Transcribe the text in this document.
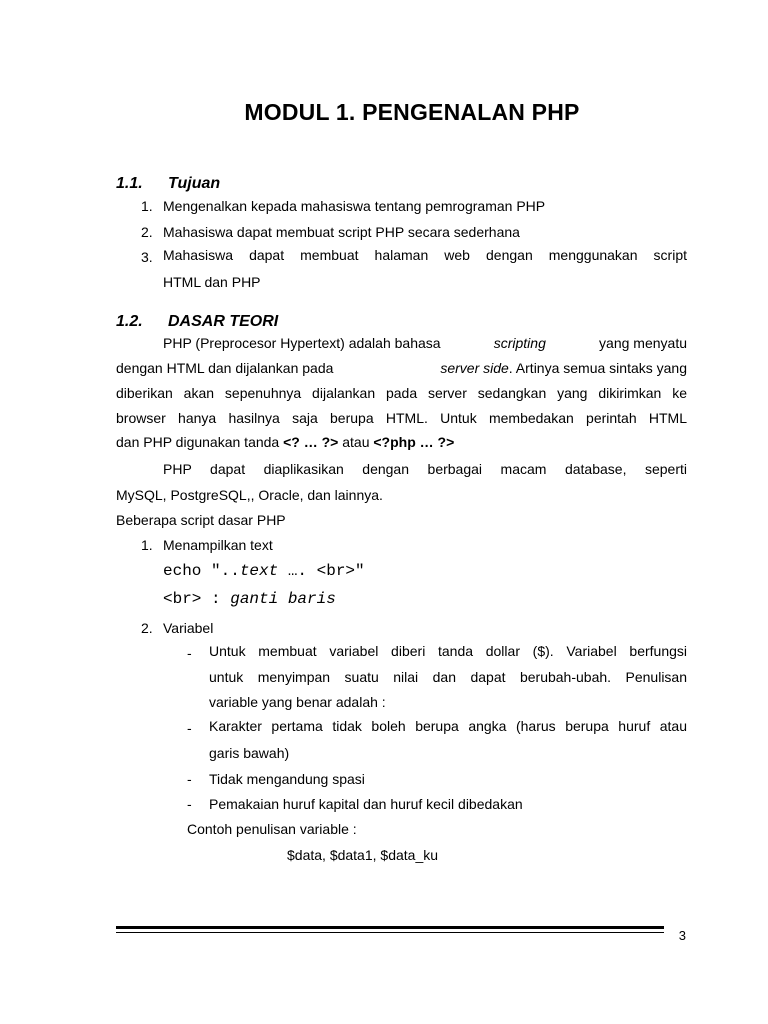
MODUL 1. PENGENALAN PHP
1.1. Tujuan
1. Mengenalkan kepada mahasiswa tentang pemrograman PHP
2. Mahasiswa dapat membuat script PHP secara sederhana
3. Mahasiswa dapat membuat halaman web dengan menggunakan script
HTML dan PHP
1.2. DASAR TEORI
PHP (Preprocesor Hypertext) adalah bahasa	scripting	yang menyatu
dengan HTML dan dijalankan pada	server side. Artinya semua sintaks yang
diberikan akan sepenuhnya dijalankan pada server sedangkan yang dikirimkan ke
browser hanya hasilnya saja berupa HTML. Untuk membedakan perintah HTML
dan PHP digunakan tanda <? … ?> atau <?php … ?>
PHP dapat diaplikasikan dengan berbagai macam database, seperti
MySQL, PostgreSQL,, Oracle, dan lainnya.
Beberapa script dasar PHP
1. Menampilkan text
echo "..text …. <br>"
<br> : ganti baris
2. Variabel
- Untuk membuat variabel diberi tanda dollar ($). Variabel berfungsi
untuk menyimpan suatu nilai dan dapat berubah-ubah. Penulisan
variable yang benar adalah :
- Karakter pertama tidak boleh berupa angka (harus berupa huruf atau
garis bawah)
- Tidak mengandung spasi
- Pemakaian huruf kapital dan huruf kecil dibedakan
Contoh penulisan variable :
$data, $data1, $data_ku
3
